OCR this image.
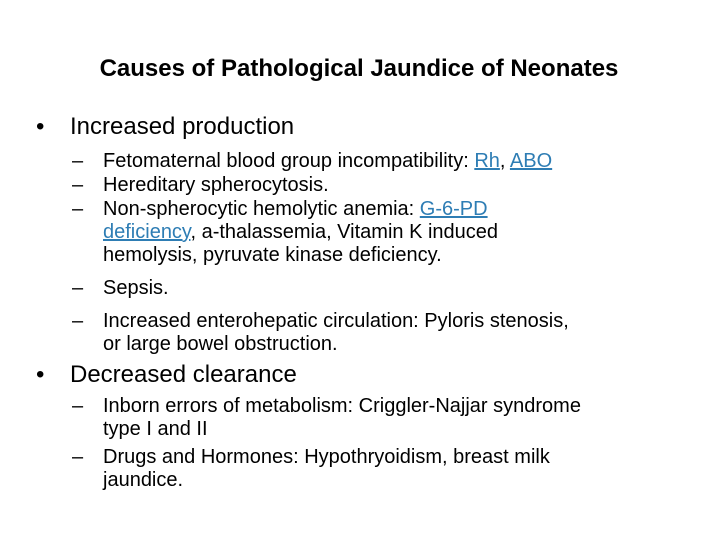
Causes of Pathological Jaundice of Neonates
• Increased production
– Fetomaternal blood group incompatibility: Rh, ABO
– Hereditary spherocytosis.
– Non-spherocytic hemolytic anemia: G-6-PD
deficiency, a-thalassemia, Vitamin K induced
hemolysis, pyruvate kinase deficiency.
– Sepsis.
– Increased enterohepatic circulation: Pyloris stenosis,
or large bowel obstruction.
• Decreased clearance
– Inborn errors of metabolism: Criggler-Najjar syndrome
type I and II
– Drugs and Hormones: Hypothryoidism, breast milk
jaundice.
